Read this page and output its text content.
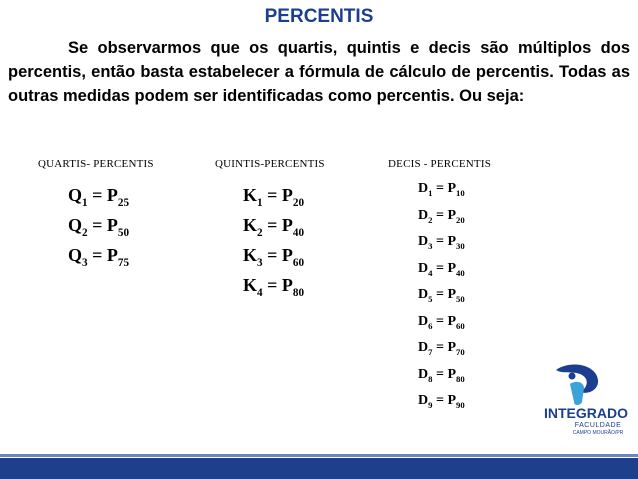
PERCENTIS
Se observarmos que os quartis, quintis e decis são múltiplos dos percentis, então basta estabelecer a fórmula de cálculo de percentis. Todas as outras medidas podem ser identificadas como percentis. Ou seja:
QUARTIS- PERCENTIS	QUINTIS-PERCENTIS	DECIS - PERCENTIS
$Q_1 = P_{25}$
$Q_2 = P_{50}$
$Q_3 = P_{75}$
$K_1 = P_{20}$
$K_2 = P_{40}$
$K_3 = P_{60}$
$K_4 = P_{80}$
$D_1 = P_{10}$
$D_2 = P_{20}$
$D_3 = P_{30}$
$D_4 = P_{40}$
$D_5 = P_{50}$
$D_6 = P_{60}$
$D_7 = P_{70}$
$D_8 = P_{80}$
$D_9 = P_{90}$
INTEGRADO
FACULDADE
CAMPO MOURÃO/PR
